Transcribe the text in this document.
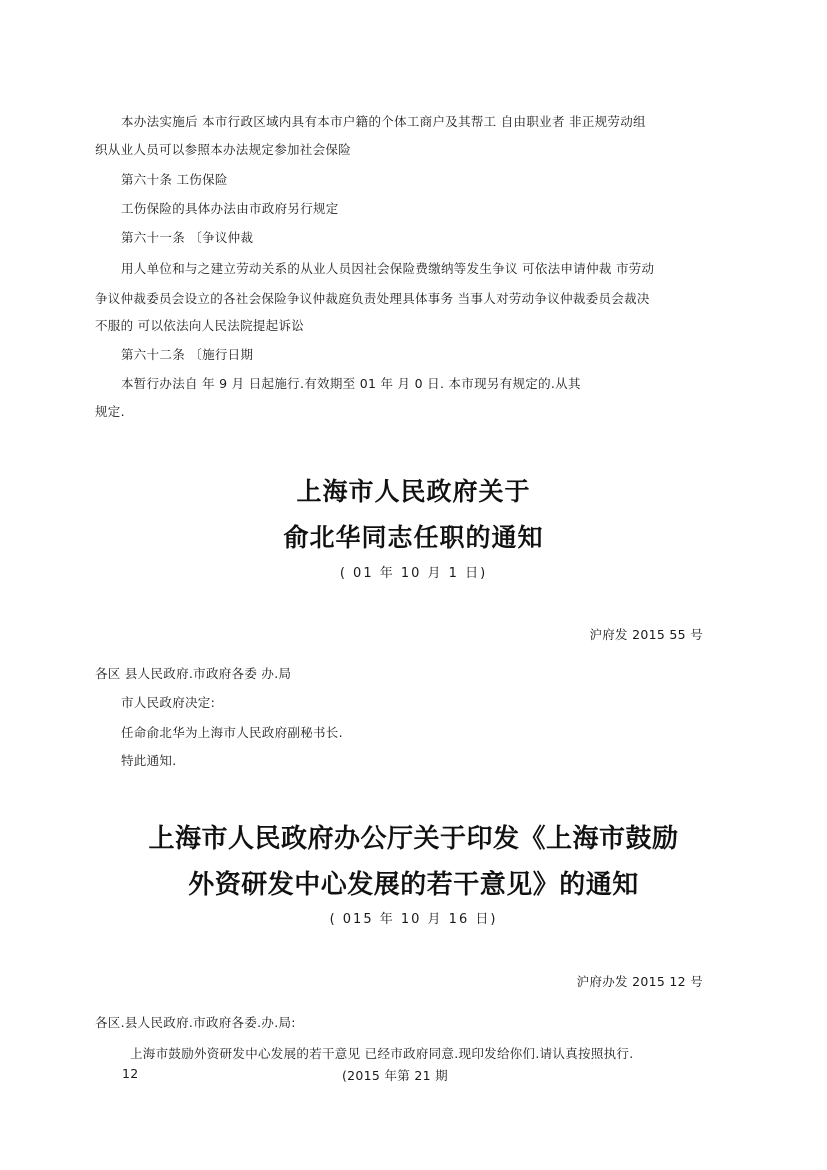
本办法实施后 本市行政区域内具有本市户籍的个体工商户及其帮工 自由职业者 非正规劳动组
织从业人员可以参照本办法规定参加社会保险
第六十条 工伤保险
工伤保险的具体办法由市政府另行规定
第六十一条 〔争议仲裁
用人单位和与之建立劳动关系的从业人员因社会保险费缴纳等发生争议 可依法申请仲裁 市劳动
争议仲裁委员会设立的各社会保险争议仲裁庭负责处理具体事务 当事人对劳动争议仲裁委员会裁决
不服的 可以依法向人民法院提起诉讼
第六十二条 〔施行日期
本暂行办法自 年 9 月 日起施行.有效期至 01 年 月 0 日. 本市现另有规定的.从其
规定.
上海市人民政府关于
俞北华同志任职的通知
( 01 年 10 月 1 日)
沪府发 2015 55 号
各区 县人民政府.市政府各委 办.局
市人民政府决定:
任命俞北华为上海市人民政府副秘书长.
特此通知.
上海市人民政府办公厅关于印发《上海市鼓励
外资研发中心发展的若干意见》的通知
( 015 年 10 月 16 日)
沪府办发 2015 12 号
各区.县人民政府.市政府各委.办.局:
上海市鼓励外资研发中心发展的若干意见 已经市政府同意.现印发给你们.请认真按照执行.
12	(2015 年第 21 期
